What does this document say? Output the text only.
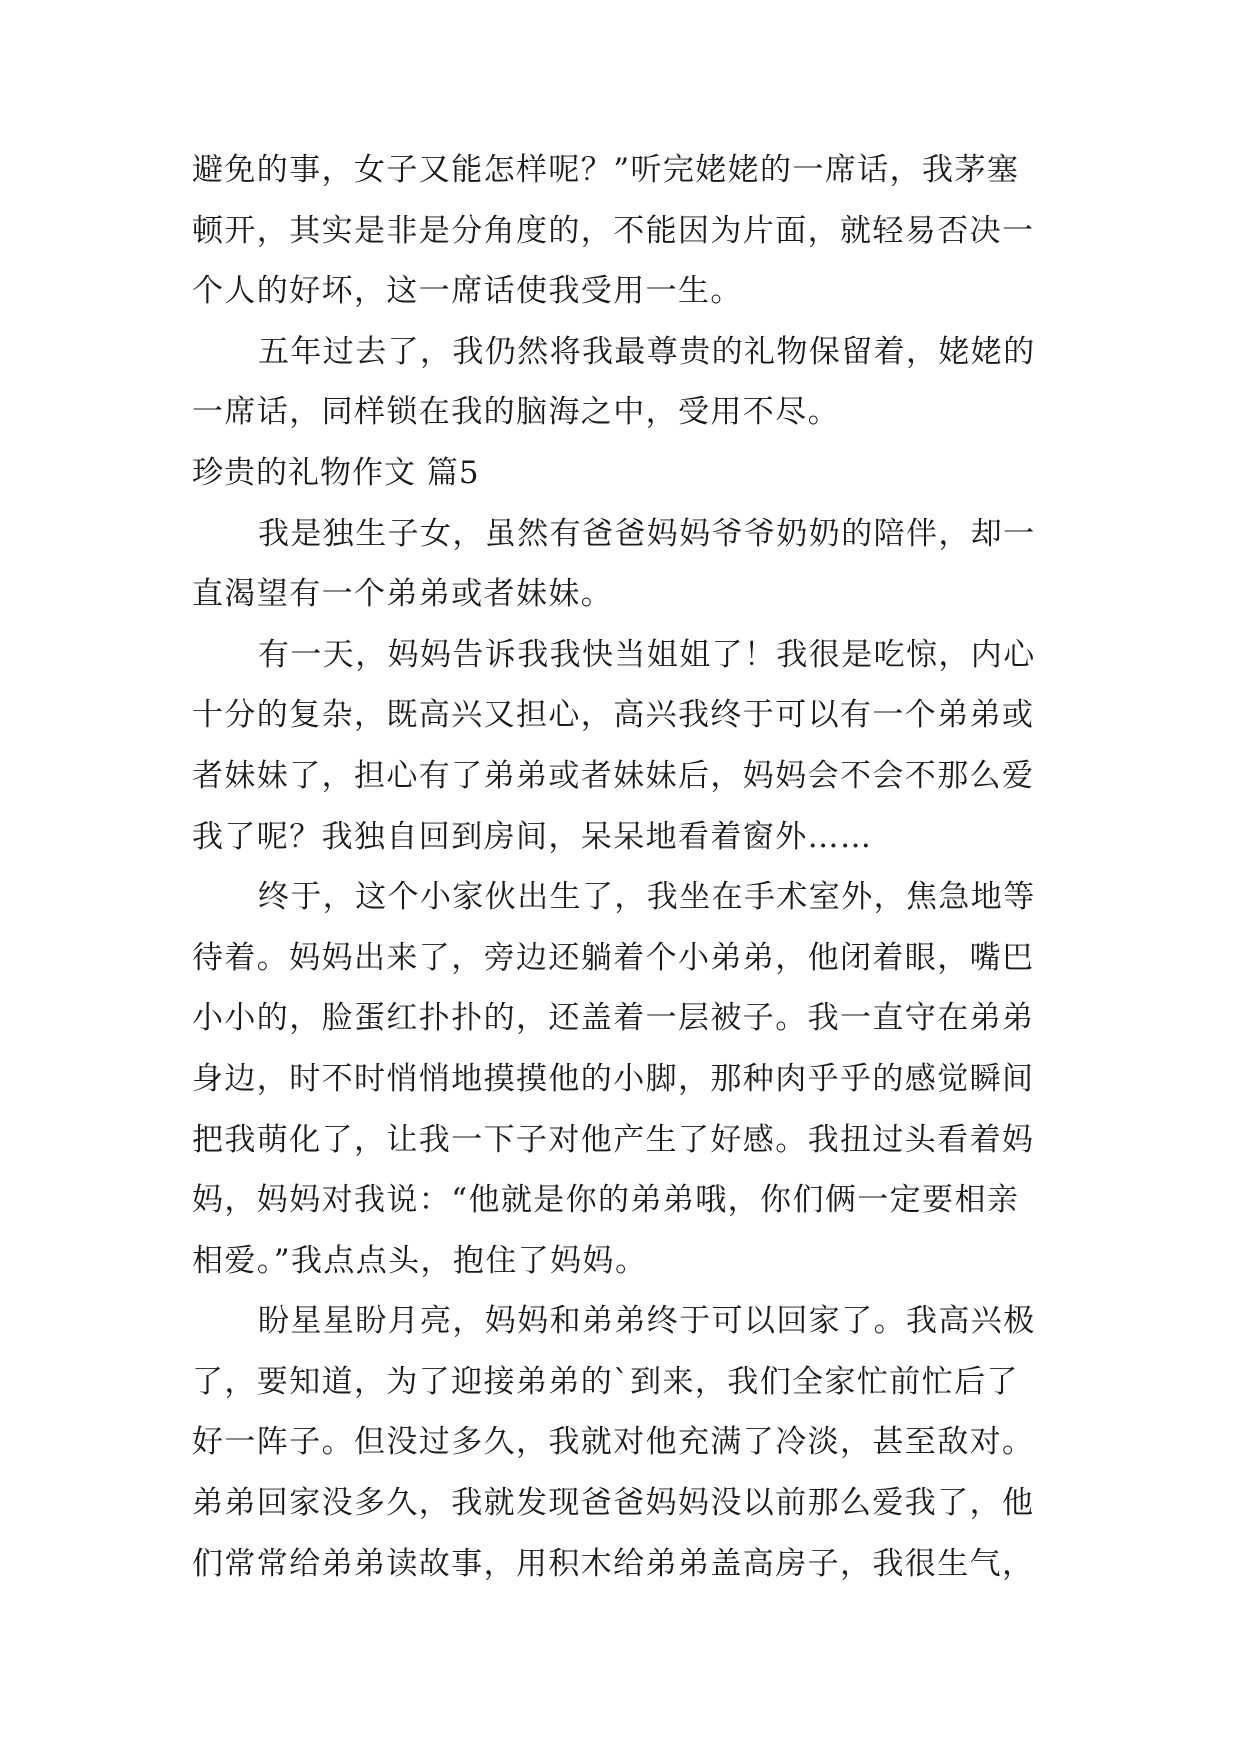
避免的事，女子又能怎样呢？”听完姥姥的一席话，我茅塞
顿开，其实是非是分角度的，不能因为片面，就轻易否决一
个人的好坏，这一席话使我受用一生。
五年过去了，我仍然将我最尊贵的礼物保留着，姥姥的
一席话，同样锁在我的脑海之中，受用不尽。
珍贵的礼物作文 篇5
我是独生子女，虽然有爸爸妈妈爷爷奶奶的陪伴，却一
直渴望有一个弟弟或者妹妹。
有一天，妈妈告诉我我快当姐姐了！我很是吃惊，内心
十分的复杂，既高兴又担心，高兴我终于可以有一个弟弟或
者妹妹了，担心有了弟弟或者妹妹后，妈妈会不会不那么爱
我了呢？我独自回到房间，呆呆地看着窗外……
终于，这个小家伙出生了，我坐在手术室外，焦急地等
待着。妈妈出来了，旁边还躺着个小弟弟，他闭着眼，嘴巴
小小的，脸蛋红扑扑的，还盖着一层被子。我一直守在弟弟
身边，时不时悄悄地摸摸他的小脚，那种肉乎乎的感觉瞬间
把我萌化了，让我一下子对他产生了好感。我扭过头看着妈
妈，妈妈对我说：“他就是你的弟弟哦，你们俩一定要相亲
相爱。”我点点头，抱住了妈妈。
盼星星盼月亮，妈妈和弟弟终于可以回家了。我高兴极
了，要知道，为了迎接弟弟的`到来，我们全家忙前忙后了
好一阵子。但没过多久，我就对他充满了冷淡，甚至敌对。
弟弟回家没多久，我就发现爸爸妈妈没以前那么爱我了，他
们常常给弟弟读故事，用积木给弟弟盖高房子，我很生气，
